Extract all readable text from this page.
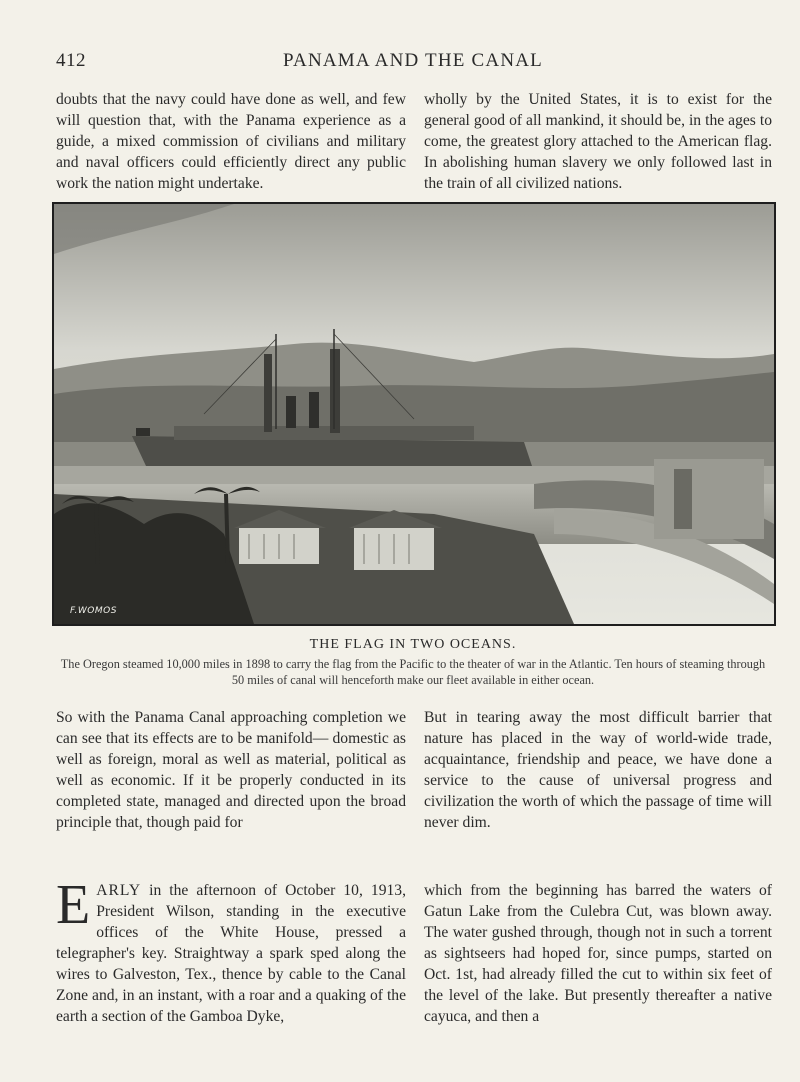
412	PANAMA AND THE CANAL

doubts that the navy could have done as well, and few will question that, with the Panama experience as a guide, a mixed commission of civilians and military and naval officers could efficiently direct any public work the nation might undertake.

wholly by the United States, it is to exist for the general good of all mankind, it should be, in the ages to come, the greatest glory attached to the American flag. In abolishing human slavery we only followed last in the train of all civilized nations.

F.WOMOS
THE FLAG IN TWO OCEANS.
The Oregon steamed 10,000 miles in 1898 to carry the flag from the Pacific to the theater of war in the Atlantic. Ten hours of steaming through 50 miles of canal will henceforth make our fleet available in either ocean.

So with the Panama Canal approaching completion we can see that its effects are to be manifold— domestic as well as foreign, moral as well as material, political as well as economic. If it be properly conducted in its completed state, managed and directed upon the broad principle that, though paid for

But in tearing away the most difficult barrier that nature has placed in the way of world-wide trade, acquaintance, friendship and peace, we have done a service to the cause of universal progress and civilization the worth of which the passage of time will never dim.

EARLY in the afternoon of October 10, 1913, President Wilson, standing in the executive offices of the White House, pressed a telegrapher's key. Straightway a spark sped along the wires to Galveston, Tex., thence by cable to the Canal Zone and, in an instant, with a roar and a quaking of the earth a section of the Gamboa Dyke,

which from the beginning has barred the waters of Gatun Lake from the Culebra Cut, was blown away. The water gushed through, though not in such a torrent as sightseers had hoped for, since pumps, started on Oct. 1st, had already filled the cut to within six feet of the level of the lake. But presently thereafter a native cayuca, and then a
